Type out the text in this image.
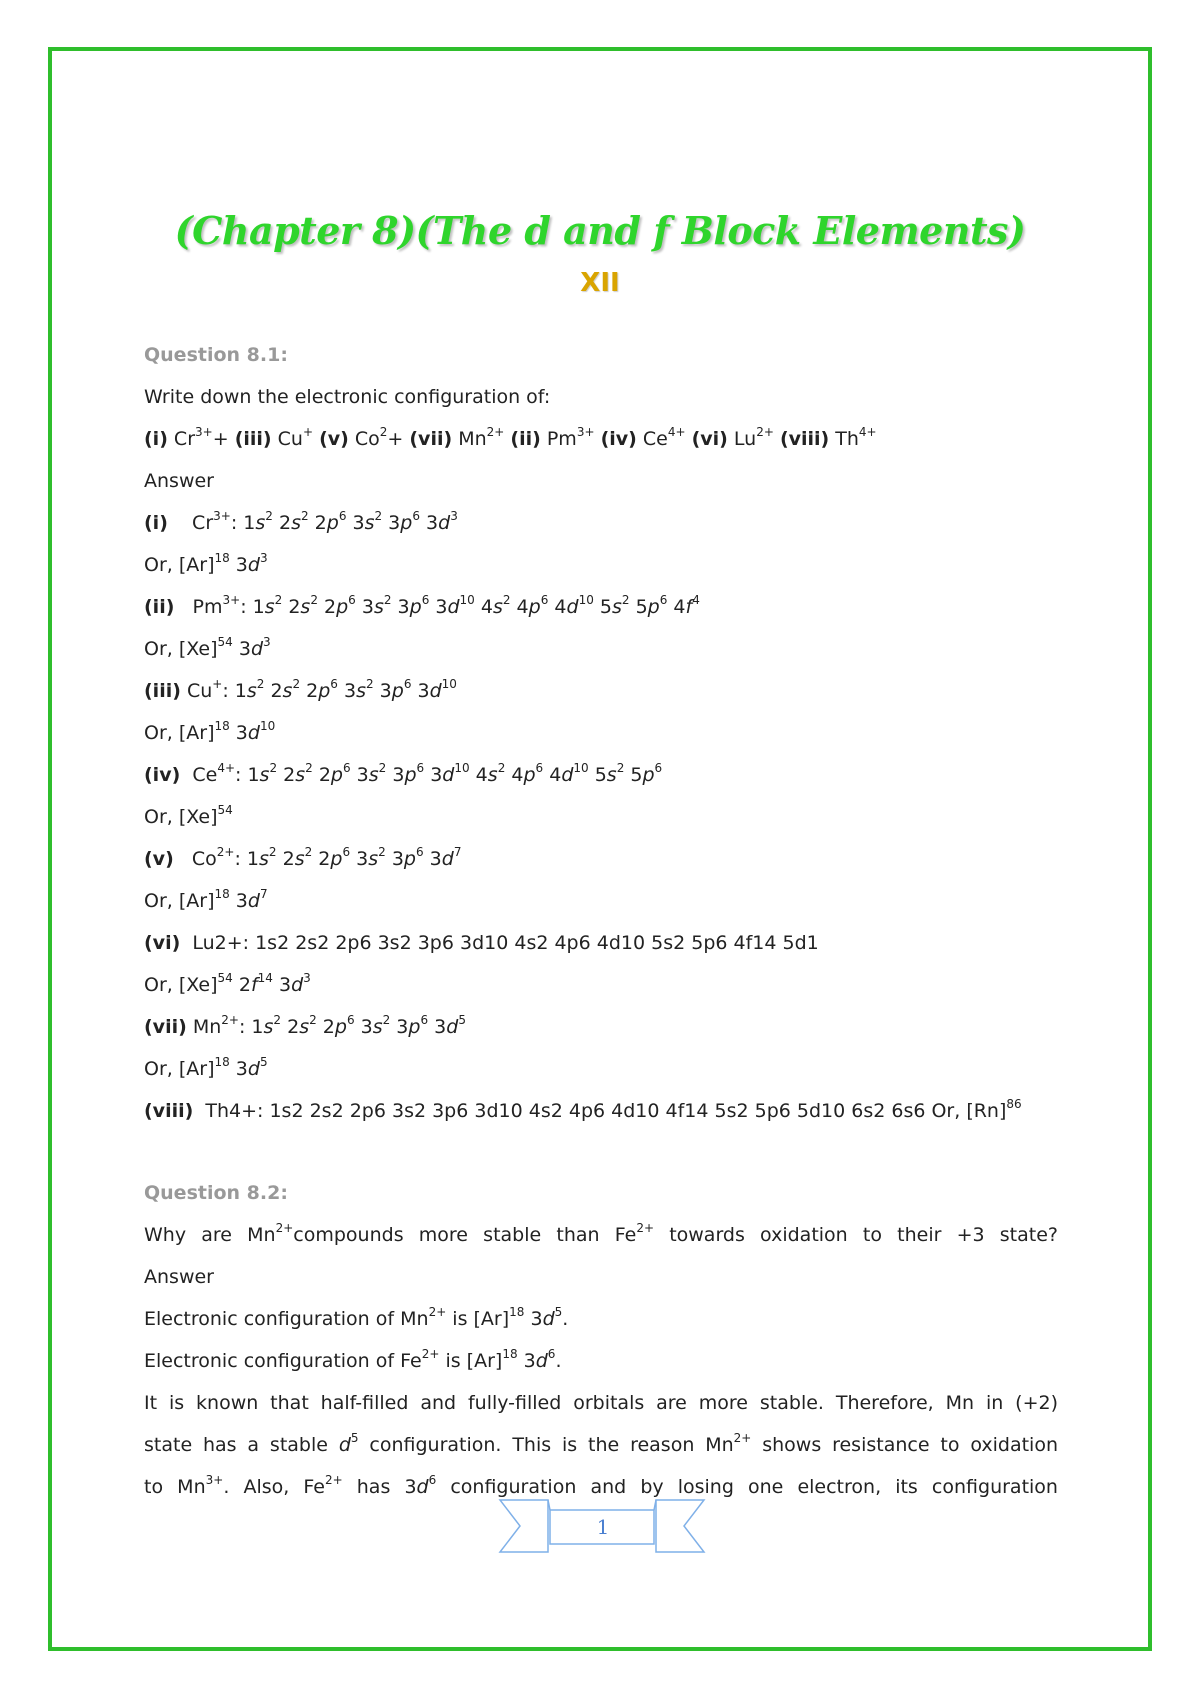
(Chapter 8)(The d and f Block Elements)
XII
Question 8.1:
Write down the electronic configuration of:
(i) $Cr^{3+}+ (iii)$ Cu+ (v) $Co^2+ (vii)$ $Mn^{2+}$ (ii) $Pm^{3+}$ (iv) $Ce^{4+}$ (vi) $Lu^{2+}$ (viii) $Th^{4+}$
Answer
(i)    $Cr^{3+}$: $1s^2$ $2s^2$ $2p^6$ $3s^2$ $3p^6$ $3d^3$
Or, $[Ar]^{18}$ $3d^3$
(ii)   $Pm^{3+}$: $1s^2$ $2s^2$ $2p^6$ $3s^2$ $3p^6$ $3d^{10}$ $4s^2$ $4p^6$ $4d^{10}$ $5s^2$ $5p^6$ $4f^4$
Or, $[Xe]^{54}$ $3d^3$
(iii) Cu+: $1s^2$ $2s^2$ $2p^6$ $3s^2$ $3p^6$ $3d^{10}$
Or, $[Ar]^{18}$ $3d^{10}$
(iv)  $Ce^{4+}$: $1s^2$ $2s^2$ $2p^6$ $3s^2$ $3p^6$ $3d^{10}$ $4s^2$ $4p^6$ $4d^{10}$ $5s^2$ $5p^6$
Or, $[Xe]^{54}$
(v)   $Co^{2+}$: $1s^2$ $2s^2$ $2p^6$ $3s^2$ $3p^6$ $3d^7$
Or, $[Ar]^{18}$ $3d^7$
(vi)  Lu2+: 1s2 2s2 2p6 3s2 3p6 3d10 4s2 4p6 4d10 5s2 5p6 4f14 5d1
Or, $[Xe]^{54}$ $2f^{14}$ $3d^3$
(vii) $Mn^{2+}$: $1s^2$ $2s^2$ $2p^6$ $3s^2$ $3p^6$ $3d^5$
Or, $[Ar]^{18}$ $3d^5$
(viii)  Th4+: 1s2 2s2 2p6 3s2 3p6 3d10 4s2 4p6 4d10 4f14 5s2 5p6 5d10 6s2 6s6 Or, $[Rn]^{86}$
Question 8.2:
Why are $Mn^{2+}compounds$ more stable than $Fe^{2+}$ towards oxidation to their +3 state?
Answer
Electronic configuration of $Mn^{2+}$ is $[Ar]^{18}$ $3d^5$.
Electronic configuration of $Fe^{2+}$ is $[Ar]^{18}$ $3d^6$.
It is known that half-filled and fully-filled orbitals are more stable. Therefore, Mn in (+2)
state has a stable $d^5$ configuration. This is the reason $Mn^{2+}$ shows resistance to oxidation
to $Mn^{3+}$. Also, $Fe^{2+}$ has $3d^6$ configuration and by losing one electron, its configuration
1
